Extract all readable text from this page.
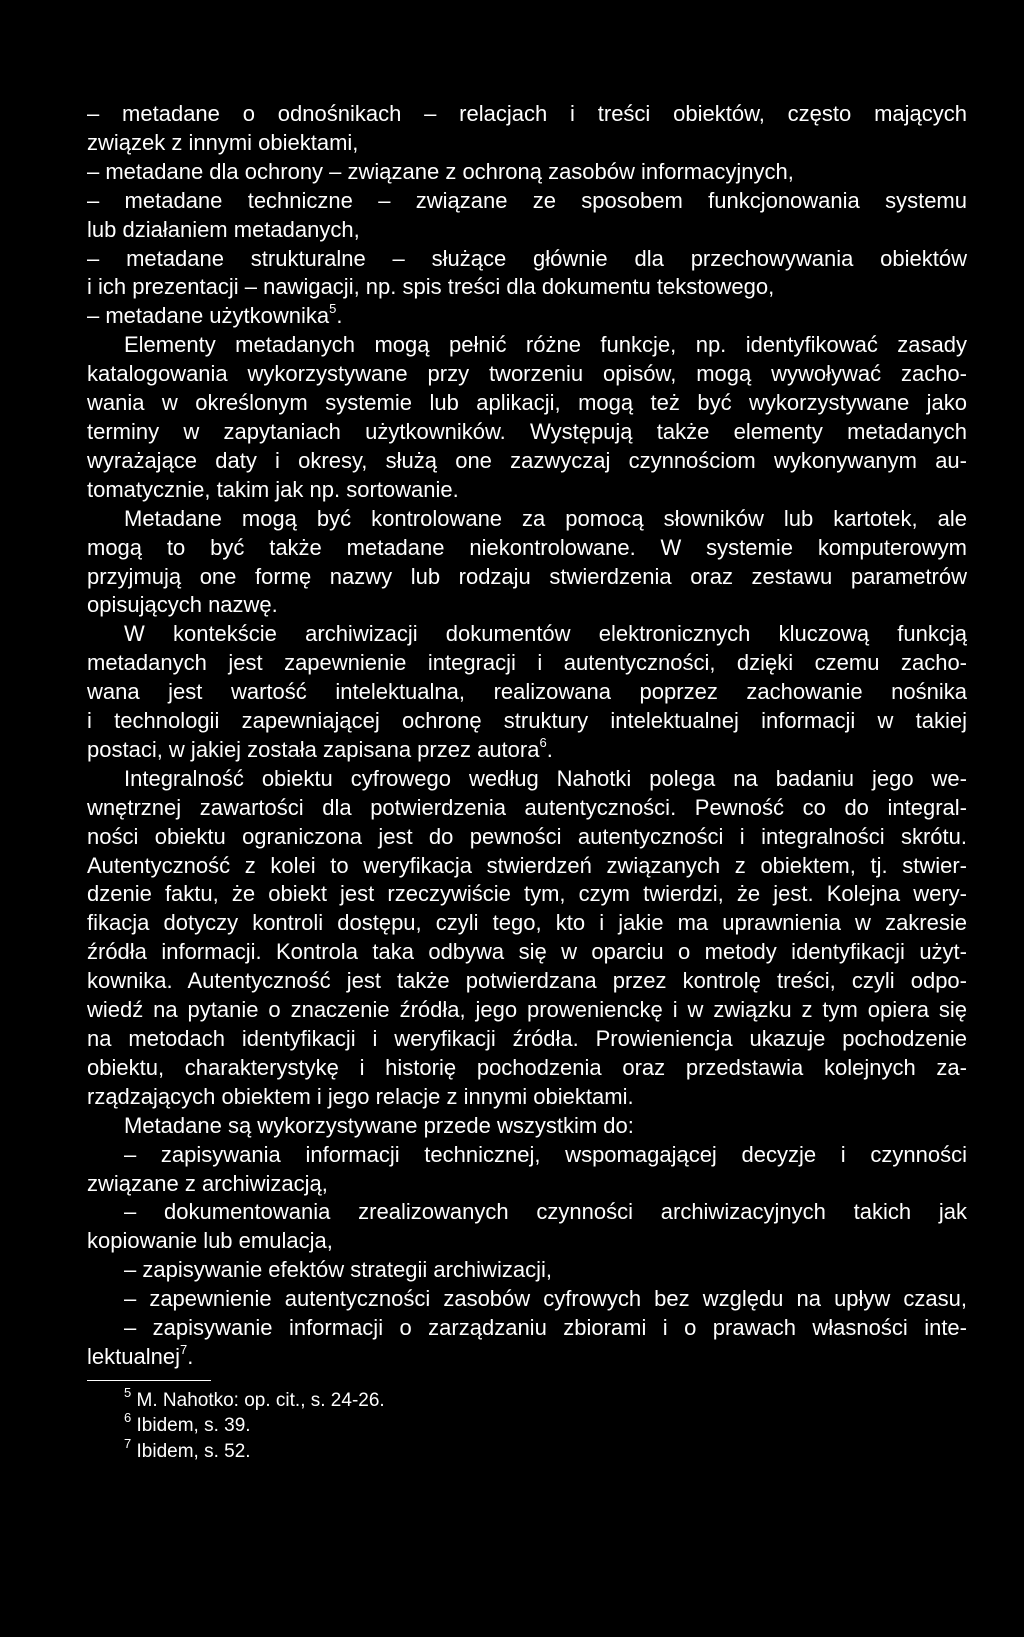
– metadane o odnośnikach – relacjach i treści obiektów, często mających
związek z innymi obiektami,
– metadane dla ochrony – związane z ochroną zasobów informacyjnych,
– metadane techniczne – związane ze sposobem funkcjonowania systemu
lub działaniem metadanych,
– metadane strukturalne – służące głównie dla przechowywania obiektów
i ich prezentacji – nawigacji, np. spis treści dla dokumentu tekstowego,
– metadane użytkownika$^5$.
Elementy metadanych mogą pełnić różne funkcje, np. identyfikować zasady
katalogowania wykorzystywane przy tworzeniu opisów, mogą wywoływać zacho-
wania w określonym systemie lub aplikacji, mogą też być wykorzystywane jako
terminy w zapytaniach użytkowników. Występują także elementy metadanych
wyrażające daty i okresy, służą one zazwyczaj czynnościom wykonywanym au-
tomatycznie, takim jak np. sortowanie.
Metadane mogą być kontrolowane za pomocą słowników lub kartotek, ale
mogą to być także metadane niekontrolowane. W systemie komputerowym
przyjmują one formę nazwy lub rodzaju stwierdzenia oraz zestawu parametrów
opisujących nazwę.
W kontekście archiwizacji dokumentów elektronicznych kluczową funkcją
metadanych jest zapewnienie integracji i autentyczności, dzięki czemu zacho-
wana jest wartość intelektualna, realizowana poprzez zachowanie nośnika
i technologii zapewniającej ochronę struktury intelektualnej informacji w takiej
postaci, w jakiej została zapisana przez autora$^6$.
Integralność obiektu cyfrowego według Nahotki polega na badaniu jego we-
wnętrznej zawartości dla potwierdzenia autentyczności. Pewność co do integral-
ności obiektu ograniczona jest do pewności autentyczności i integralności skrótu.
Autentyczność z kolei to weryfikacja stwierdzeń związanych z obiektem, tj. stwier-
dzenie faktu, że obiekt jest rzeczywiście tym, czym twierdzi, że jest. Kolejna wery-
fikacja dotyczy kontroli dostępu, czyli tego, kto i jakie ma uprawnienia w zakresie
źródła informacji. Kontrola taka odbywa się w oparciu o metody identyfikacji użyt-
kownika. Autentyczność jest także potwierdzana przez kontrolę treści, czyli odpo-
wiedź na pytanie o znaczenie źródła, jego prowenienckę i w związku z tym opiera się
na metodach identyfikacji i weryfikacji źródła. Prowieniencja ukazuje pochodzenie
obiektu, charakterystykę i historię pochodzenia oraz przedstawia kolejnych za-
rządzających obiektem i jego relacje z innymi obiektami.
Metadane są wykorzystywane przede wszystkim do:
– zapisywania informacji technicznej, wspomagającej decyzje i czynności
związane z archiwizacją,
– dokumentowania zrealizowanych czynności archiwizacyjnych takich jak
kopiowanie lub emulacja,
– zapisywanie efektów strategii archiwizacji,
– zapewnienie autentyczności zasobów cyfrowych bez względu na upływ czasu,
– zapisywanie informacji o zarządzaniu zbiorami i o prawach własności inte-
lektualnej$^7$.
$^5$ M. Nahotko: op. cit., s. 24-26.
$^6$ Ibidem, s. 39.
$^7$ Ibidem, s. 52.
